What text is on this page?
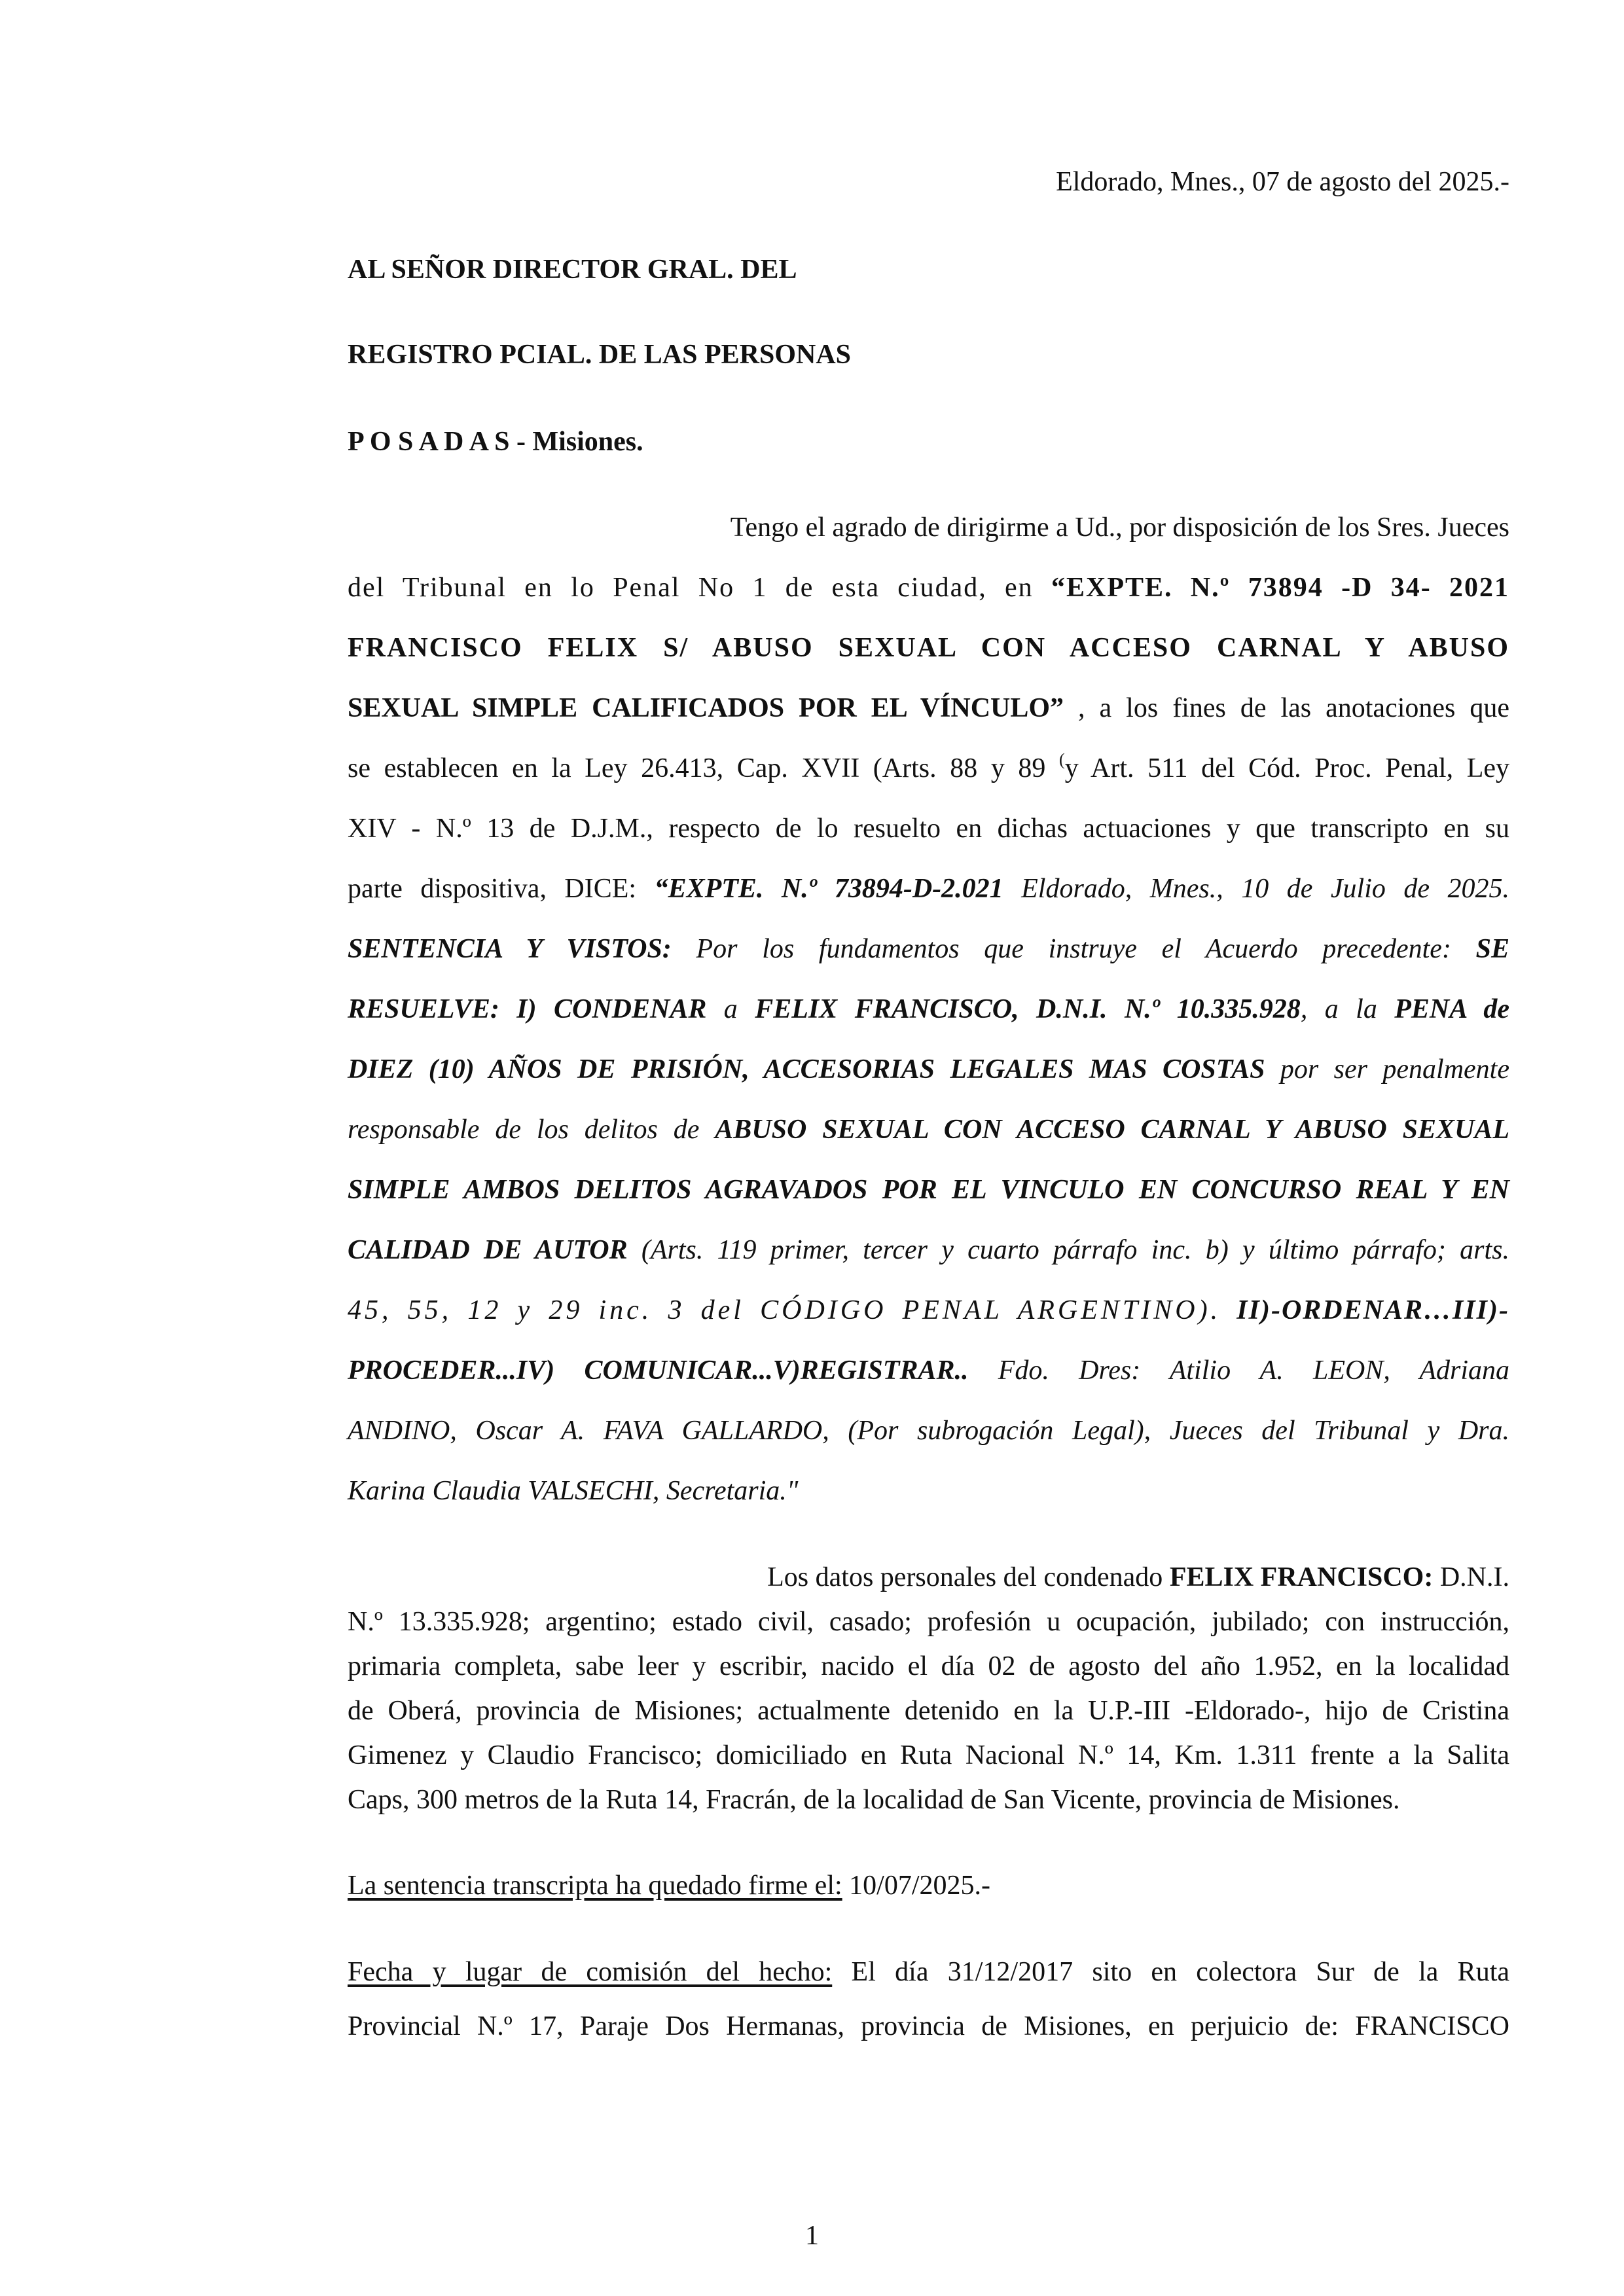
Eldorado, Mnes., 07 de agosto del 2025.-
AL SEÑOR DIRECTOR GRAL. DEL
REGISTRO PCIAL. DE LAS PERSONAS
P O S A D A S - Misiones.
Tengo el agrado de dirigirme a Ud., por disposición de los Sres. Jueces
del Tribunal en lo Penal No 1 de esta ciudad, en “EXPTE. N.º 73894 -D 34- 2021
FRANCISCO FELIX S/ ABUSO SEXUAL CON ACCESO CARNAL Y ABUSO
SEXUAL SIMPLE CALIFICADOS POR EL VÍNCULO” , a los fines de las anotaciones que
se establecen en la Ley 26.413, Cap. XVII (Arts. 88 y 89 (y Art. 511 del Cód. Proc. Penal, Ley
XIV - N.º 13 de D.J.M., respecto de lo resuelto en dichas actuaciones y que transcripto en su
parte dispositiva, DICE: “EXPTE. N.º 73894-D-2.021 Eldorado, Mnes., 10 de Julio de 2025.
SENTENCIA Y VISTOS: Por los fundamentos que instruye el Acuerdo precedente: SE
RESUELVE: I) CONDENAR a FELIX FRANCISCO, D.N.I. N.º 10.335.928, a la PENA de
DIEZ (10) AÑOS DE PRISIÓN, ACCESORIAS LEGALES MAS COSTAS por ser penalmente
responsable de los delitos de ABUSO SEXUAL CON ACCESO CARNAL Y ABUSO SEXUAL
SIMPLE AMBOS DELITOS AGRAVADOS POR EL VINCULO EN CONCURSO REAL Y EN
CALIDAD DE AUTOR (Arts. 119 primer, tercer y cuarto párrafo inc. b) y último párrafo; arts.
45, 55, 12 y 29 inc. 3 del CÓDIGO PENAL ARGENTINO). II)-ORDENAR…III)-
PROCEDER...IV) COMUNICAR...V)REGISTRAR.. Fdo. Dres: Atilio A. LEON, Adriana
ANDINO, Oscar A. FAVA GALLARDO, (Por subrogación Legal), Jueces del Tribunal y Dra.
Karina Claudia VALSECHI, Secretaria."
Los datos personales del condenado FELIX FRANCISCO: D.N.I.
N.º 13.335.928; argentino; estado civil, casado; profesión u ocupación, jubilado; con instrucción,
primaria completa, sabe leer y escribir, nacido el día 02 de agosto del año 1.952, en la localidad
de Oberá, provincia de Misiones; actualmente detenido en la U.P.-III -Eldorado-, hijo de Cristina
Gimenez y Claudio Francisco; domiciliado en Ruta Nacional N.º 14, Km. 1.311 frente a la Salita
Caps, 300 metros de la Ruta 14, Fracrán, de la localidad de San Vicente, provincia de Misiones.
La sentencia transcripta ha quedado firme el: 10/07/2025.-
Fecha y lugar de comisión del hecho: El día 31/12/2017 sito en colectora Sur de la Ruta
Provincial N.º 17, Paraje Dos Hermanas, provincia de Misiones, en perjuicio de: FRANCISCO
1
